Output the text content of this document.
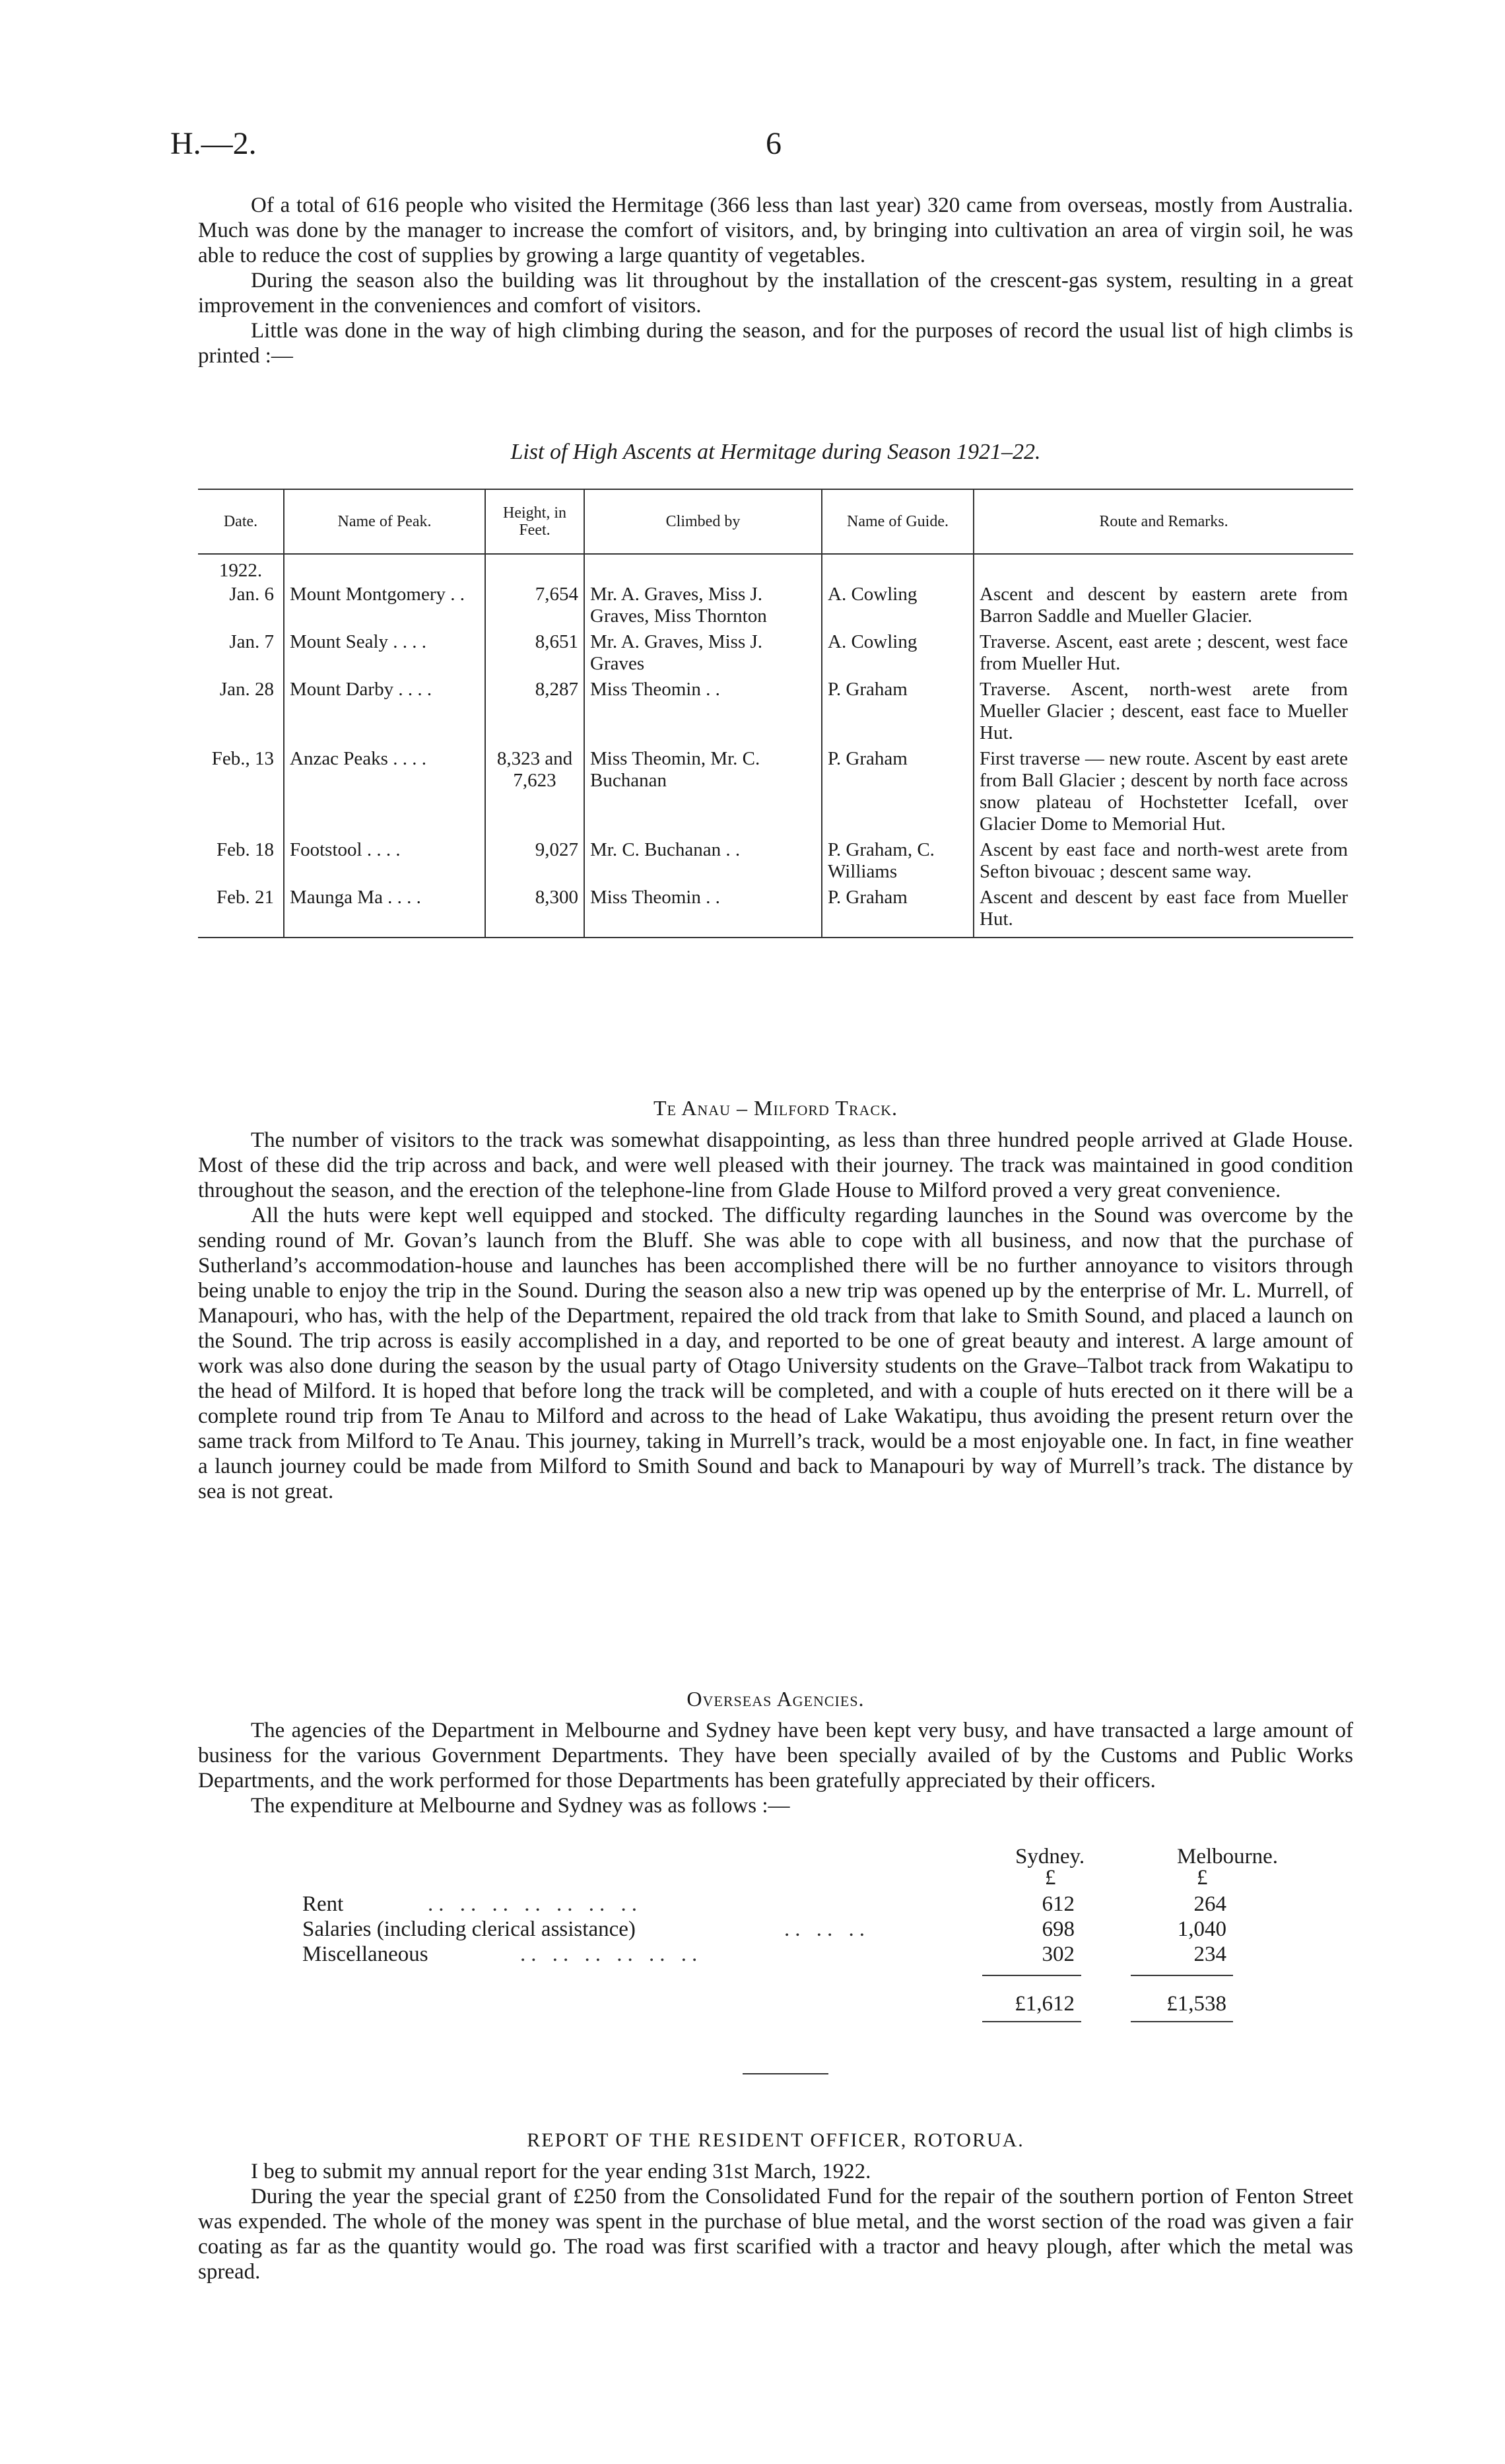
H.—2.	6

Of a total of 616 people who visited the Hermitage (366 less than last year) 320 came from overseas, mostly from Australia. Much was done by the manager to increase the comfort of visitors, and, by bringing into cultivation an area of virgin soil, he was able to reduce the cost of supplies by growing a large quantity of vegetables.

During the season also the building was lit throughout by the installation of the crescent-gas system, resulting in a great improvement in the conveniences and comfort of visitors.

Little was done in the way of high climbing during the season, and for the purposes of record the usual list of high climbs is printed :—

List of High Ascents at Hermitage during Season 1921–22.
Date.	Name of Peak.	Height, in Feet.	Climbed by	Name of Guide.	Route and Remarks.
1922.					
Jan. 6	Mount Montgomery . .	7,654	Mr. A. Graves, Miss J. Graves, Miss Thornton	A. Cowling	Ascent and descent by eastern arete from Barron Saddle and Mueller Glacier.
Jan. 7	Mount Sealy . . . .	8,651	Mr. A. Graves, Miss J. Graves	A. Cowling	Traverse. Ascent, east arete ; descent, west face from Mueller Hut.
Jan. 28	Mount Darby . . . .	8,287	Miss Theomin . .	P. Graham	Traverse. Ascent, north-west arete from Mueller Glacier ; descent, east face to Mueller Hut.
Feb., 13	Anzac Peaks . . . .	8,323 and 7,623	Miss Theomin, Mr. C. Buchanan	P. Graham	First traverse — new route. Ascent by east arete from Ball Glacier ; descent by north face across snow plateau of Hochstetter Icefall, over Glacier Dome to Memorial Hut.
Feb. 18	Footstool . . . .	9,027	Mr. C. Buchanan . .	P. Graham, C. Williams	Ascent by east face and north-west arete from Sefton bivouac ; descent same way.
Feb. 21	Maunga Ma . . . .	8,300	Miss Theomin . .	P. Graham	Ascent and descent by east face from Mueller Hut.
Te Anau – Milford Track.

The number of visitors to the track was somewhat disappointing, as less than three hundred people arrived at Glade House. Most of these did the trip across and back, and were well pleased with their journey. The track was maintained in good condition throughout the season, and the erection of the telephone-line from Glade House to Milford proved a very great convenience.

All the huts were kept well equipped and stocked. The difficulty regarding launches in the Sound was overcome by the sending round of Mr. Govan’s launch from the Bluff. She was able to cope with all business, and now that the purchase of Sutherland’s accommodation-house and launches has been accomplished there will be no further annoyance to visitors through being unable to enjoy the trip in the Sound. During the season also a new trip was opened up by the enterprise of Mr. L. Murrell, of Manapouri, who has, with the help of the Department, repaired the old track from that lake to Smith Sound, and placed a launch on the Sound. The trip across is easily accomplished in a day, and reported to be one of great beauty and interest. A large amount of work was also done during the season by the usual party of Otago University students on the Grave–Talbot track from Wakatipu to the head of Milford. It is hoped that before long the track will be completed, and with a couple of huts erected on it there will be a complete round trip from Te Anau to Milford and across to the head of Lake Wakatipu, thus avoiding the present return over the same track from Milford to Te Anau. This journey, taking in Murrell’s track, would be a most enjoyable one. In fact, in fine weather a launch journey could be made from Milford to Smith Sound and back to Manapouri by way of Murrell’s track. The distance by sea is not great.

Overseas Agencies.

The agencies of the Department in Melbourne and Sydney have been kept very busy, and have transacted a large amount of business for the various Government Departments. They have been specially availed of by the Customs and Public Works Departments, and the work performed for those Departments has been gratefully appreciated by their officers.

The expenditure at Melbourne and Sydney was as follows :—

Sydney.	Melbourne.
£	£
Rent	.. .. .. .. .. .. ..	612	264
Salaries (including clerical assistance)	.. .. ..	698	1,040
Miscellaneous	.. .. .. .. .. ..	302	234
£1,612	£1,538
REPORT OF THE RESIDENT OFFICER, ROTORUA.

I beg to submit my annual report for the year ending 31st March, 1922.

During the year the special grant of £250 from the Consolidated Fund for the repair of the southern portion of Fenton Street was expended. The whole of the money was spent in the purchase of blue metal, and the worst section of the road was given a fair coating as far as the quantity would go. The road was first scarified with a tractor and heavy plough, after which the metal was spread.
